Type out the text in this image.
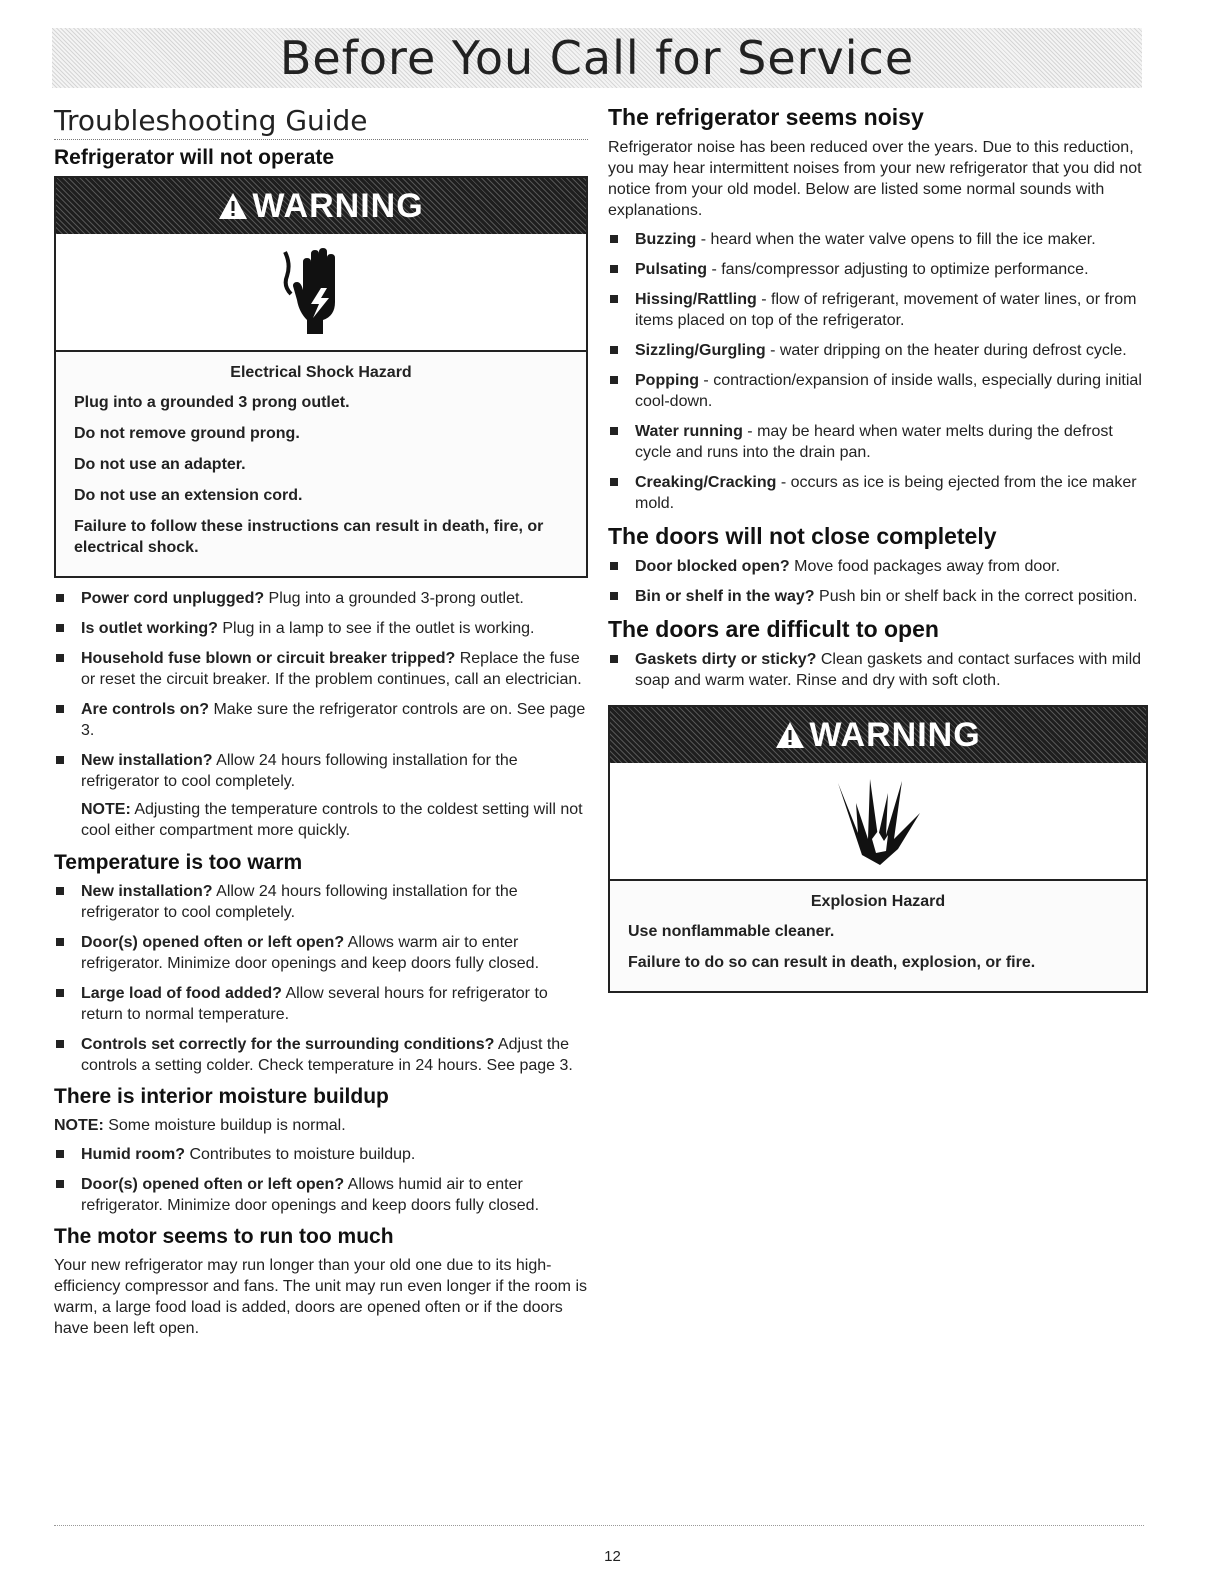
Before You Call for Service
Troubleshooting Guide
Refrigerator will not operate
WARNING
Electrical Shock Hazard
Plug into a grounded 3 prong outlet.
Do not remove ground prong.
Do not use an adapter.
Do not use an extension cord.
Failure to follow these instructions can result in death, fire, or electrical shock.
Power cord unplugged? Plug into a grounded 3-prong outlet.
Is outlet working? Plug in a lamp to see if the outlet is working.
Household fuse blown or circuit breaker tripped? Replace the fuse or reset the circuit breaker. If the problem continues, call an electrician.
Are controls on? Make sure the refrigerator controls are on. See page 3.
New installation? Allow 24 hours following installation for the refrigerator to cool completely.
NOTE: Adjusting the temperature controls to the coldest setting will not cool either compartment more quickly.
Temperature is too warm
New installation? Allow 24 hours following installation for the refrigerator to cool completely.
Door(s) opened often or left open? Allows warm air to enter refrigerator. Minimize door openings and keep doors fully closed.
Large load of food added? Allow several hours for refrigerator to return to normal temperature.
Controls set correctly for the surrounding conditions? Adjust the controls a setting colder. Check temperature in 24 hours. See page 3.
There is interior moisture buildup

NOTE: Some moisture buildup is normal.

Humid room? Contributes to moisture buildup.
Door(s) opened often or left open? Allows humid air to enter refrigerator. Minimize door openings and keep doors fully closed.
The motor seems to run too much

Your new refrigerator may run longer than your old one due to its high-efficiency compressor and fans. The unit may run even longer if the room is warm, a large food load is added, doors are opened often or if the doors have been left open.

The refrigerator seems noisy

Refrigerator noise has been reduced over the years. Due to this reduction, you may hear intermittent noises from your new refrigerator that you did not notice from your old model. Below are listed some normal sounds with explanations.

Buzzing - heard when the water valve opens to fill the ice maker.
Pulsating - fans/compressor adjusting to optimize performance.
Hissing/Rattling - flow of refrigerant, movement of water lines, or from items placed on top of the refrigerator.
Sizzling/Gurgling - water dripping on the heater during defrost cycle.
Popping - contraction/expansion of inside walls, especially during initial cool-down.
Water running - may be heard when water melts during the defrost cycle and runs into the drain pan.
Creaking/Cracking - occurs as ice is being ejected from the ice maker mold.
The doors will not close completely
Door blocked open? Move food packages away from door.
Bin or shelf in the way? Push bin or shelf back in the correct position.
The doors are difficult to open
Gaskets dirty or sticky? Clean gaskets and contact surfaces with mild soap and warm water. Rinse and dry with soft cloth.
WARNING
Explosion Hazard
Use nonflammable cleaner.
Failure to do so can result in death, explosion, or fire.
12
